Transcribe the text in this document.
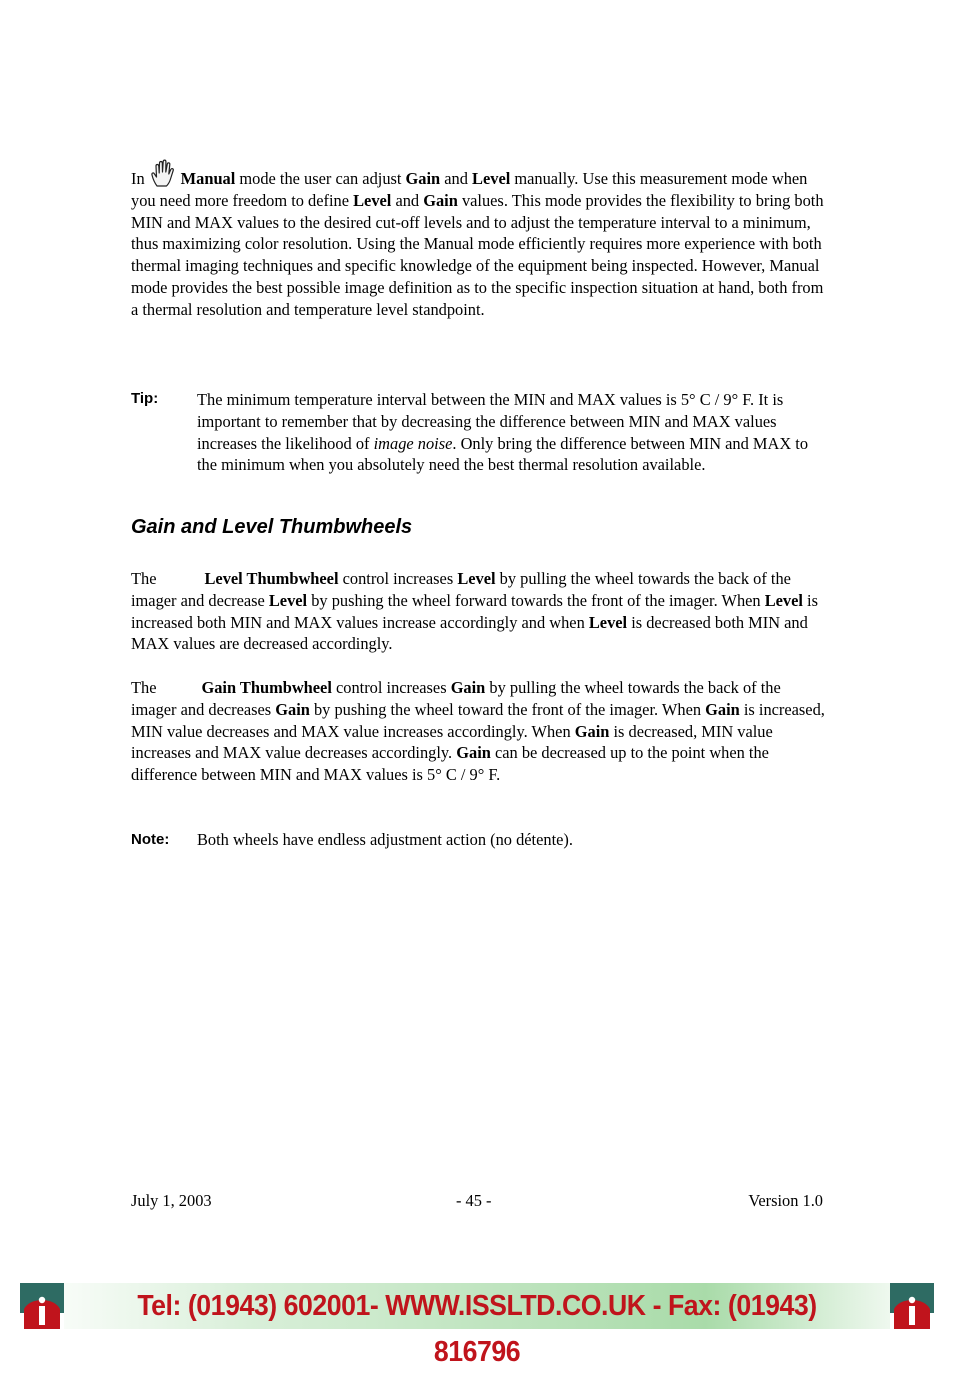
In Manual mode the user can adjust Gain and Level manually. Use this measurement mode when you need more freedom to define Level and Gain values. This mode provides the flexibility to bring both MIN and MAX values to the desired cut-off levels and to adjust the temperature interval to a minimum, thus maximizing color resolution. Using the Manual mode efficiently requires more experience with both thermal imaging techniques and specific knowledge of the equipment being inspected. However, Manual mode provides the best possible image definition as to the specific inspection situation at hand, both from a thermal resolution and temperature level standpoint.
Tip: The minimum temperature interval between the MIN and MAX values is 5° C / 9° F. It is important to remember that by decreasing the difference between MIN and MAX values increases the likelihood of image noise. Only bring the difference between MIN and MAX to the minimum when you absolutely need the best thermal resolution available.
Gain and Level Thumbwheels
The	Level Thumbwheel control increases Level by pulling the wheel towards the back of the imager and decrease Level by pushing the wheel forward towards the front of the imager. When Level is increased both MIN and MAX values increase accordingly and when Level is decreased both MIN and MAX values are decreased accordingly.
The	Gain Thumbwheel control increases Gain by pulling the wheel towards the back of the imager and decreases Gain by pushing the wheel toward the front of the imager. When Gain is increased, MIN value decreases and MAX value increases accordingly. When Gain is decreased, MIN value increases and MAX value decreases accordingly. Gain can be decreased up to the point when the difference between MIN and MAX values is 5° C / 9° F.
Note: Both wheels have endless adjustment action (no détente).
July 1, 2003	- 45 -	Version 1.0
Tel: (01943) 602001- WWW.ISSLTD.CO.UK - Fax: (01943) 816796
